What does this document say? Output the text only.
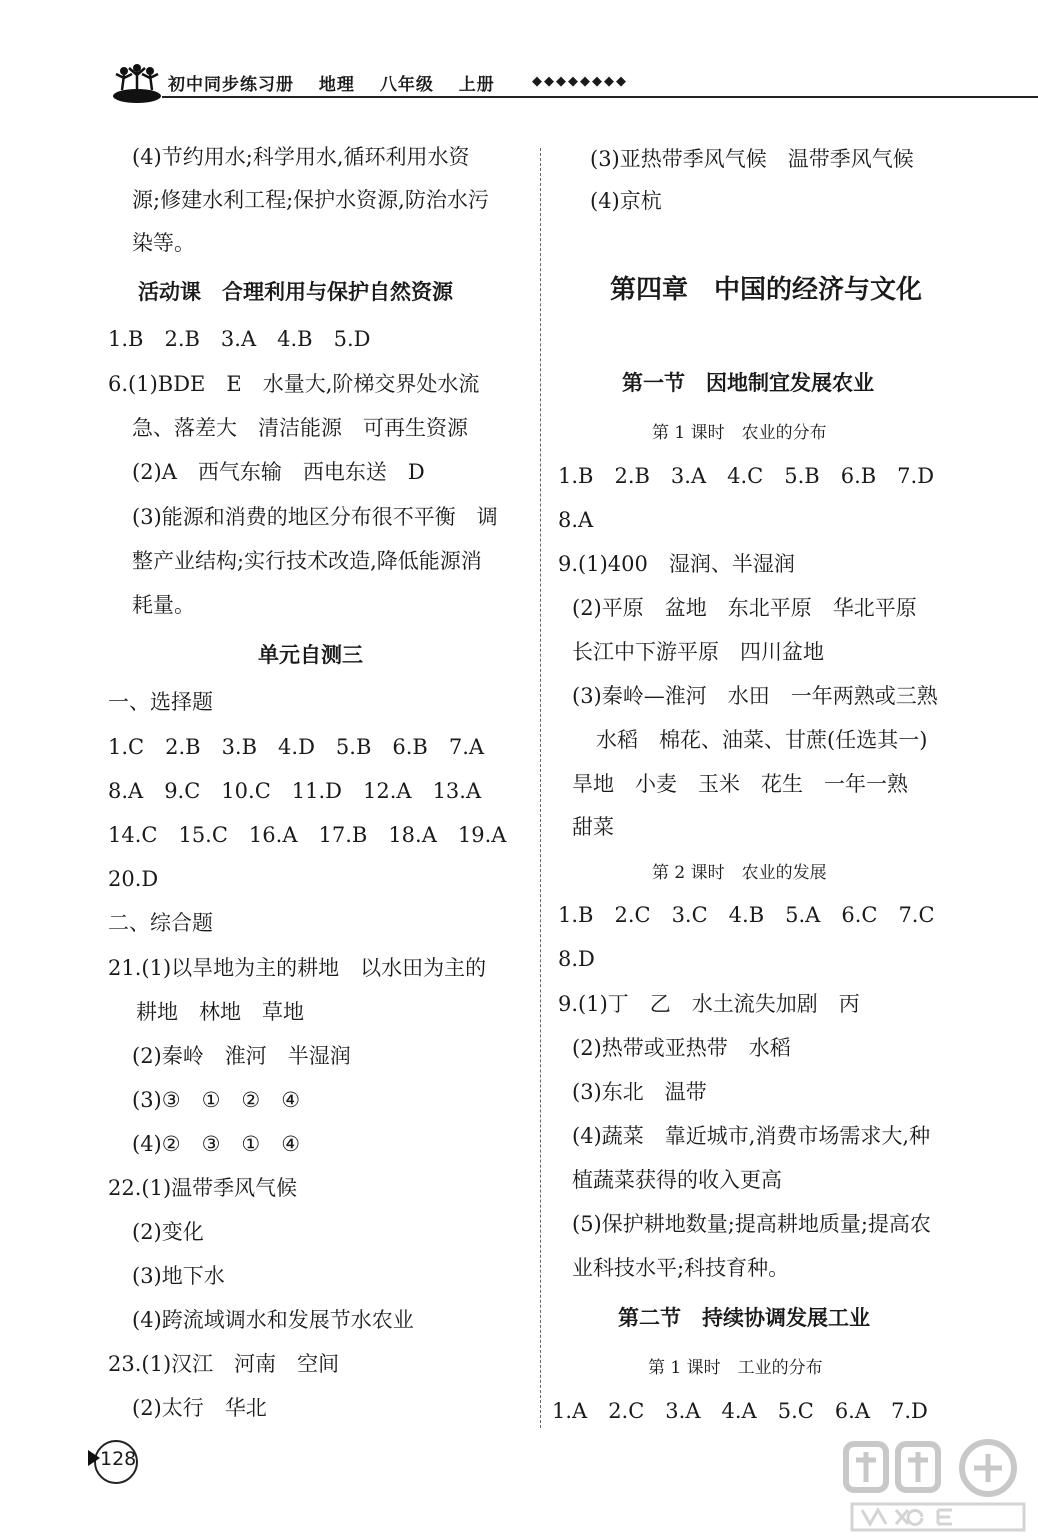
初中同步练习册 地理 八年级 上册	◆◆◆◆◆◆◆◆
(4)节约用水;科学用水,循环利用水资
源;修建水利工程;保护水资源,防治水污
染等。
活动课　合理利用与保护自然资源
1.B　2.B　3.A　4.B　5.D
6.(1)BDE　E　水量大,阶梯交界处水流
急、落差大　清洁能源　可再生资源
(2)A　西气东输　西电东送　D
(3)能源和消费的地区分布很不平衡　调
整产业结构;实行技术改造,降低能源消
耗量。
单元自测三
一、选择题
1.C　2.B　3.B　4.D　5.B　6.B　7.A
8.A　9.C　10.C　11.D　12.A　13.A
14.C　15.C　16.A　17.B　18.A　19.A
20.D
二、综合题
21.(1)以旱地为主的耕地　以水田为主的
耕地　林地　草地
(2)秦岭　淮河　半湿润
(3)③　①　②　④
(4)②　③　①　④
22.(1)温带季风气候
(2)变化
(3)地下水
(4)跨流域调水和发展节水农业
23.(1)汉江　河南　空间
(2)太行　华北
(3)亚热带季风气候　温带季风气候
(4)京杭
第四章　中国的经济与文化
第一节　因地制宜发展农业
第 1 课时　农业的分布
1.B　2.B　3.A　4.C　5.B　6.B　7.D
8.A
9.(1)400　湿润、半湿润
(2)平原　盆地　东北平原　华北平原
长江中下游平原　四川盆地
(3)秦岭—淮河　水田　一年两熟或三熟
水稻　棉花、油菜、甘蔗(任选其一)
旱地　小麦　玉米　花生　一年一熟
甜菜
第 2 课时　农业的发展
1.B　2.C　3.C　4.B　5.A　6.C　7.C
8.D
9.(1)丁　乙　水土流失加剧　丙
(2)热带或亚热带　水稻
(3)东北　温带
(4)蔬菜　靠近城市,消费市场需求大,种
植蔬菜获得的收入更高
(5)保护耕地数量;提高耕地质量;提高农
业科技水平;科技育种。
第二节　持续协调发展工业
第 1 课时　工业的分布
1.A　2.C　3.A　4.A　5.C　6.A　7.D
128
